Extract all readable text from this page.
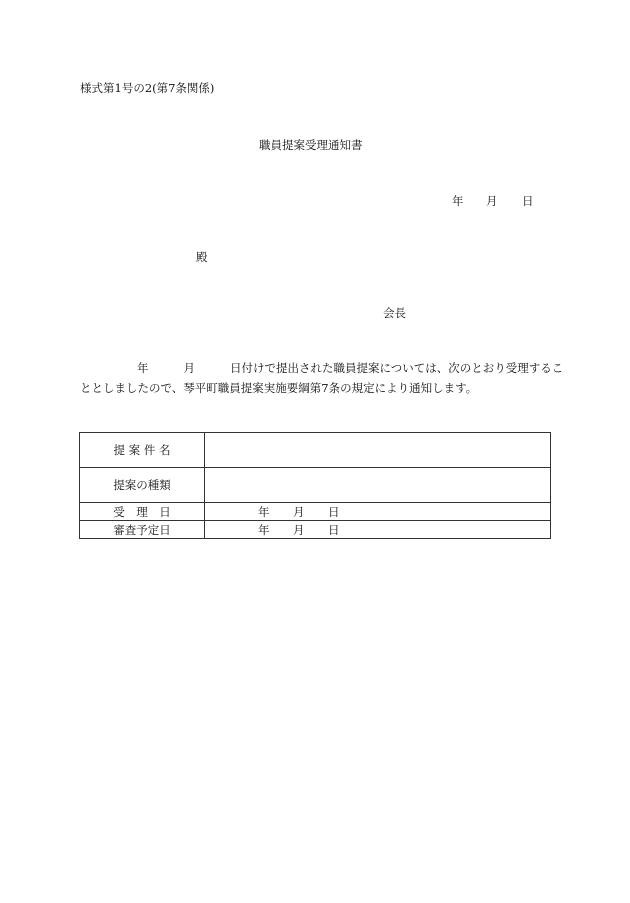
様式第1号の2(第7条関係)
職員提案受理通知書
年 月 日
殿
会長
年	月	日付けで提出された職員提案については、次のとおり受理するこ
ととしましたので、琴平町職員提案実施要綱第7条の規定により通知します。
提 案 件 名	
提案の種類	
受　理　日	年 月 日
審査予定日	年 月 日
